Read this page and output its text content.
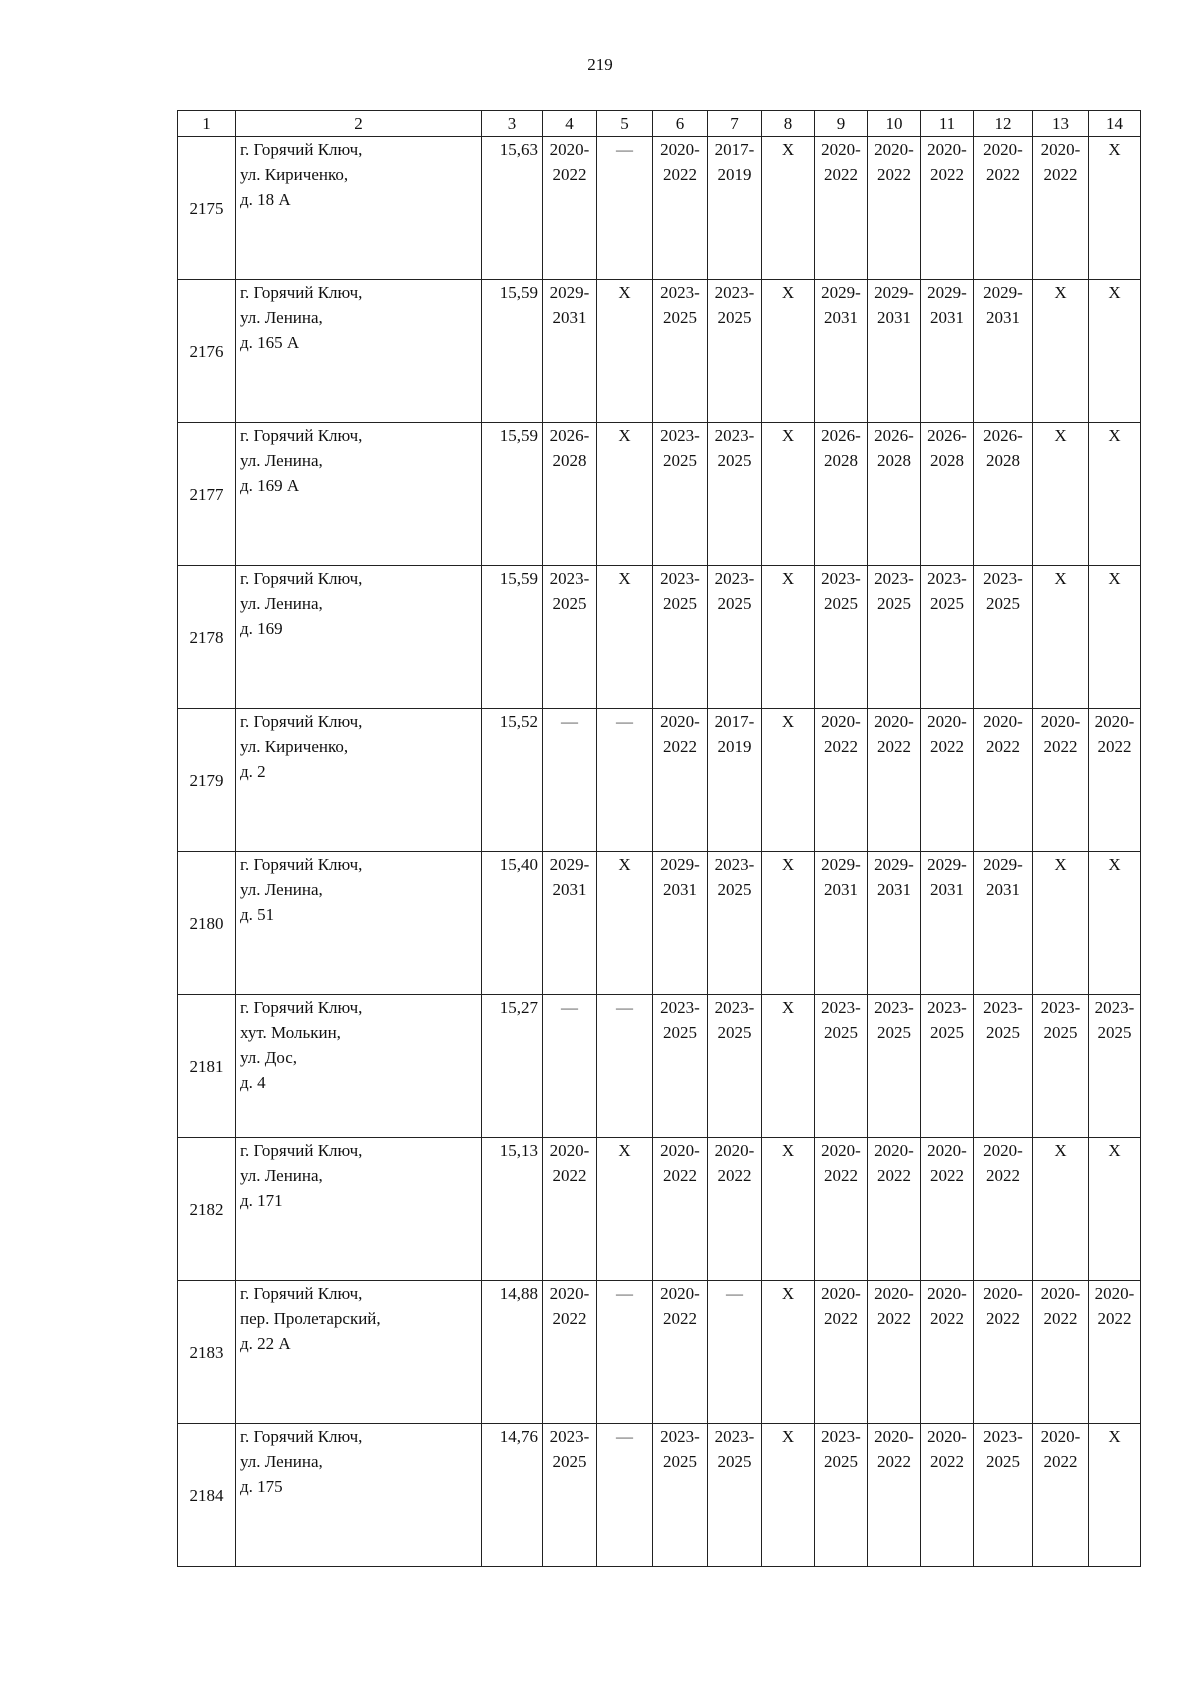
219
1	2	3	4	5	6	7	8	9	10	11	12	13	14
2175	г. Горячий Ключ,
ул. Кириченко,
д. 18 А	15,63	2020-
2022	—	2020-
2022	2017-
2019	Х	2020-
2022	2020-
2022	2020-
2022	2020-
2022	2020-
2022	Х

2176	г. Горячий Ключ,
ул. Ленина,
д. 165 А	15,59	2029-
2031	Х	2023-
2025	2023-
2025	Х	2029-
2031	2029-
2031	2029-
2031	2029-
2031	Х	Х

2177	г. Горячий Ключ,
ул. Ленина,
д. 169 А	15,59	2026-
2028	Х	2023-
2025	2023-
2025	Х	2026-
2028	2026-
2028	2026-
2028	2026-
2028	Х	Х

2178	г. Горячий Ключ,
ул. Ленина,
д. 169	15,59	2023-
2025	Х	2023-
2025	2023-
2025	Х	2023-
2025	2023-
2025	2023-
2025	2023-
2025	Х	Х

2179	г. Горячий Ключ,
ул. Кириченко,
д. 2	15,52	—	—	2020-
2022	2017-
2019	Х	2020-
2022	2020-
2022	2020-
2022	2020-
2022	2020-
2022	2020-
2022

2180	г. Горячий Ключ,
ул. Ленина,
д. 51	15,40	2029-
2031	Х	2029-
2031	2023-
2025	Х	2029-
2031	2029-
2031	2029-
2031	2029-
2031	Х	Х

2181	г. Горячий Ключ,
хут. Молькин,
ул. Дос,
д. 4	15,27	—	—	2023-
2025	2023-
2025	Х	2023-
2025	2023-
2025	2023-
2025	2023-
2025	2023-
2025	2023-
2025

2182	г. Горячий Ключ,
ул. Ленина,
д. 171	15,13	2020-
2022	Х	2020-
2022	2020-
2022	Х	2020-
2022	2020-
2022	2020-
2022	2020-
2022	Х	Х

2183	г. Горячий Ключ,
пер. Пролетарский,
д. 22 А	14,88	2020-
2022	—	2020-
2022	—	Х	2020-
2022	2020-
2022	2020-
2022	2020-
2022	2020-
2022	2020-
2022

2184	г. Горячий Ключ,
ул. Ленина,
д. 175	14,76	2023-
2025	—	2023-
2025	2023-
2025	Х	2023-
2025	2020-
2022	2020-
2022	2023-
2025	2020-
2022	Х
